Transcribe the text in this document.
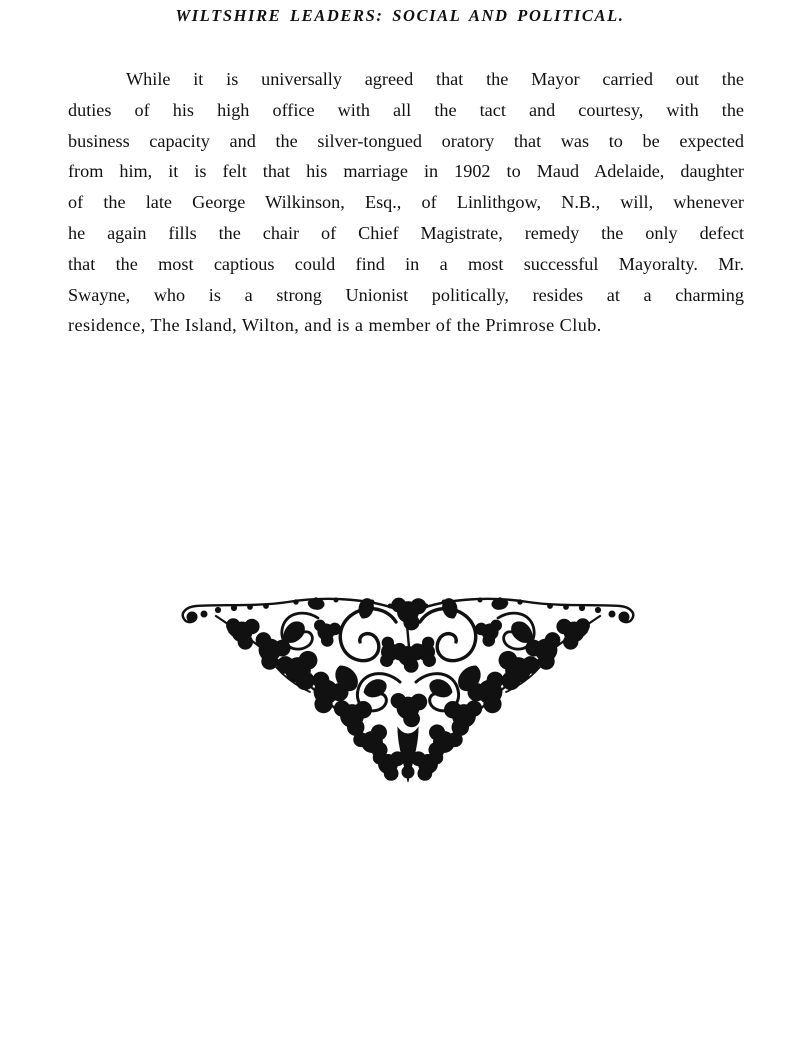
WILTSHIRE LEADERS: SOCIAL AND POLITICAL.
While it is universally agreed that the Mayor carried out the
duties of his high office with all the tact and courtesy, with the
business capacity and the silver-tongued oratory that was to be expected
from him, it is felt that his marriage in 1902 to Maud Adelaide, daughter
of the late George Wilkinson, Esq., of Linlithgow, N.B., will, whenever
he again fills the chair of Chief Magistrate, remedy the only defect
that the most captious could find in a most successful Mayoralty. Mr.
Swayne, who is a strong Unionist politically, resides at a charming
residence, The Island, Wilton, and is a member of the Primrose Club.
